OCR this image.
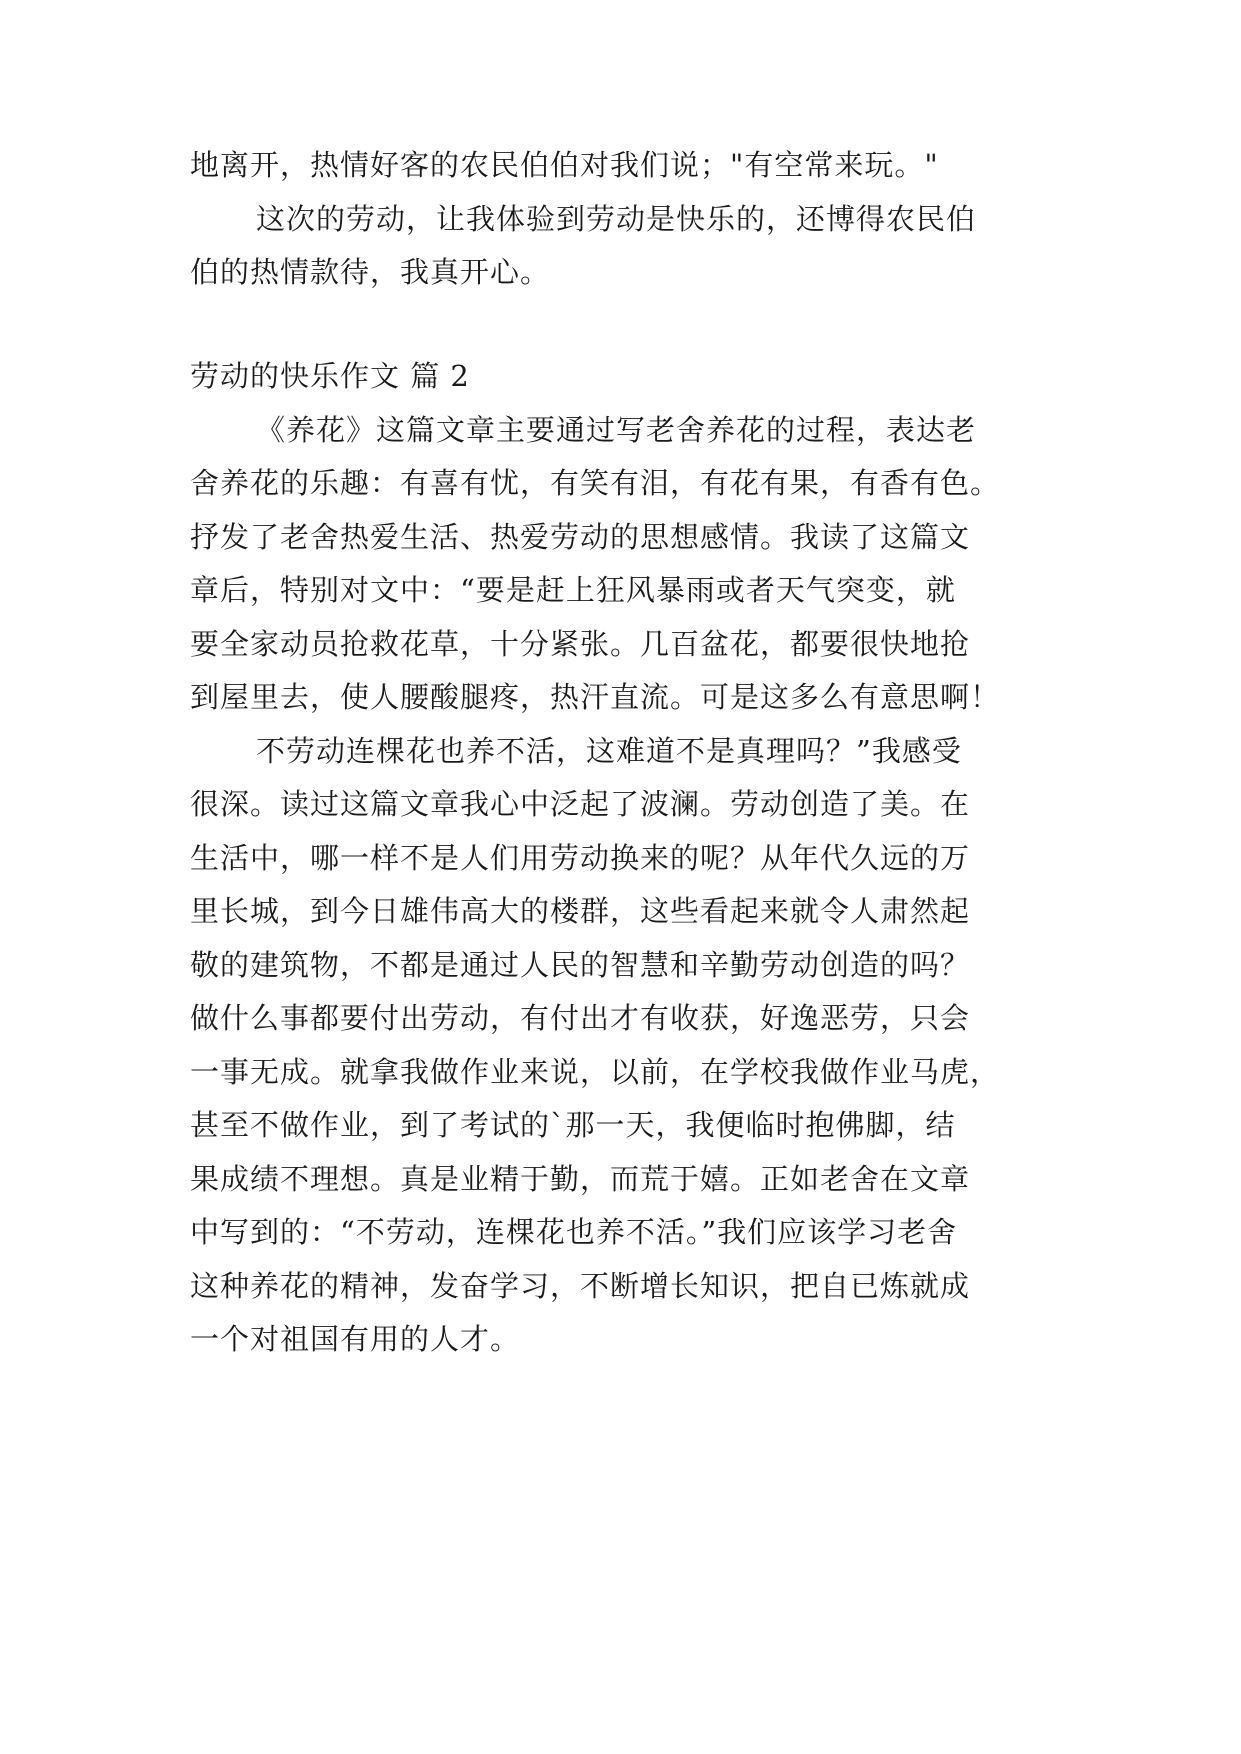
地离开，热情好客的农民伯伯对我们说；"有空常来玩。"
这次的劳动，让我体验到劳动是快乐的，还博得农民伯
伯的热情款待，我真开心。
劳动的快乐作文 篇 2
《养花》这篇文章主要通过写老舍养花的过程，表达老
舍养花的乐趣：有喜有忧，有笑有泪，有花有果，有香有色。
抒发了老舍热爱生活、热爱劳动的思想感情。我读了这篇文
章后，特别对文中：“要是赶上狂风暴雨或者天气突变，就
要全家动员抢救花草，十分紧张。几百盆花，都要很快地抢
到屋里去，使人腰酸腿疼，热汗直流。可是这多么有意思啊！
不劳动连棵花也养不活，这难道不是真理吗？”我感受
很深。读过这篇文章我心中泛起了波澜。劳动创造了美。在
生活中，哪一样不是人们用劳动换来的呢？从年代久远的万
里长城，到今日雄伟高大的楼群，这些看起来就令人肃然起
敬的建筑物，不都是通过人民的智慧和辛勤劳动创造的吗？
做什么事都要付出劳动，有付出才有收获，好逸恶劳，只会
一事无成。就拿我做作业来说，以前，在学校我做作业马虎，
甚至不做作业，到了考试的`那一天，我便临时抱佛脚，结
果成绩不理想。真是业精于勤，而荒于嬉。正如老舍在文章
中写到的：“不劳动，连棵花也养不活。”我们应该学习老舍
这种养花的精神，发奋学习，不断增长知识，把自已炼就成
一个对祖国有用的人才。
